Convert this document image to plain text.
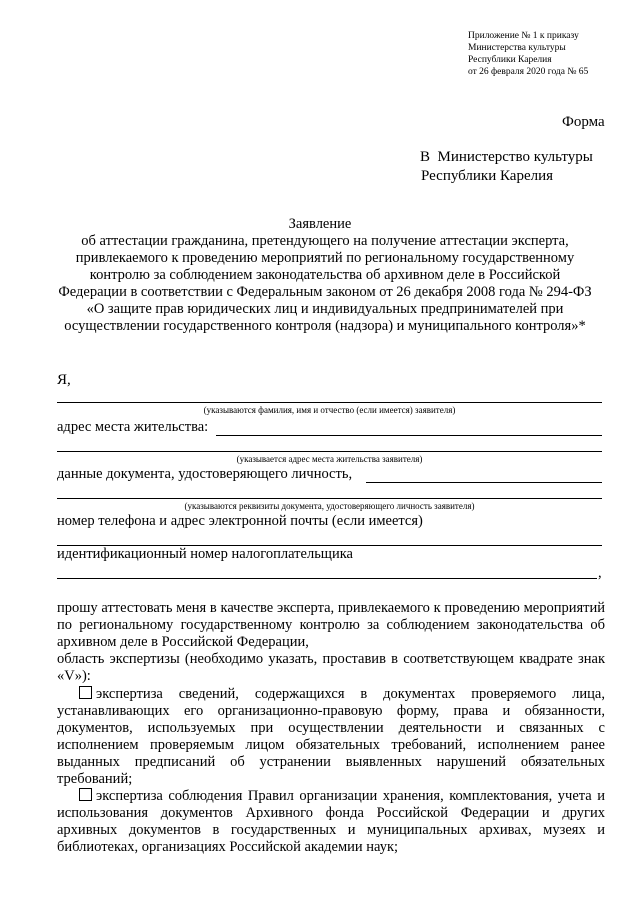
Приложение № 1 к приказу
Министерства культуры
Республики Карелия
от 26 февраля 2020 года № 65
Форма
В  Министерство культуры
Республики Карелия
Заявление
об аттестации гражданина, претендующего на получение аттестации эксперта, привлекаемого к проведению мероприятий по региональному государственному контролю за соблюдением законодательства об архивном деле в Российской Федерации в соответствии с Федеральным законом от 26 декабря 2008 года № 294-ФЗ «О защите прав юридических лиц и индивидуальных предпринимателей при осуществлении государственного контроля (надзора) и муниципального контроля»*
Я,
(указываются фамилия, имя и отчество (если имеется) заявителя)
адрес места жительства:
(указывается адрес места жительства заявителя)
данные документа, удостоверяющего личность,
(указываются реквизиты документа, удостоверяющего личность заявителя)
номер телефона и адрес электронной почты (если имеется)
идентификационный номер налогоплательщика
,
прошу аттестовать меня в качестве эксперта, привлекаемого к проведению мероприятий по региональному государственному контролю за соблюдением законодательства об архивном деле в Российской Федерации,
область экспертизы (необходимо указать, проставив в соответствующем квадрате знак «V»):
экспертиза сведений, содержащихся в документах проверяемого лица, устанавливающих его организационно-правовую форму, права и обязанности, документов, используемых при осуществлении деятельности и связанных с исполнением проверяемым лицом обязательных требований, исполнением ранее выданных предписаний об устранении выявленных нарушений обязательных требований;
экспертиза соблюдения Правил организации хранения, комплектования, учета и использования документов Архивного фонда Российской Федерации и других архивных документов в государственных и муниципальных архивах, музеях и библиотеках, организациях Российской академии наук;
